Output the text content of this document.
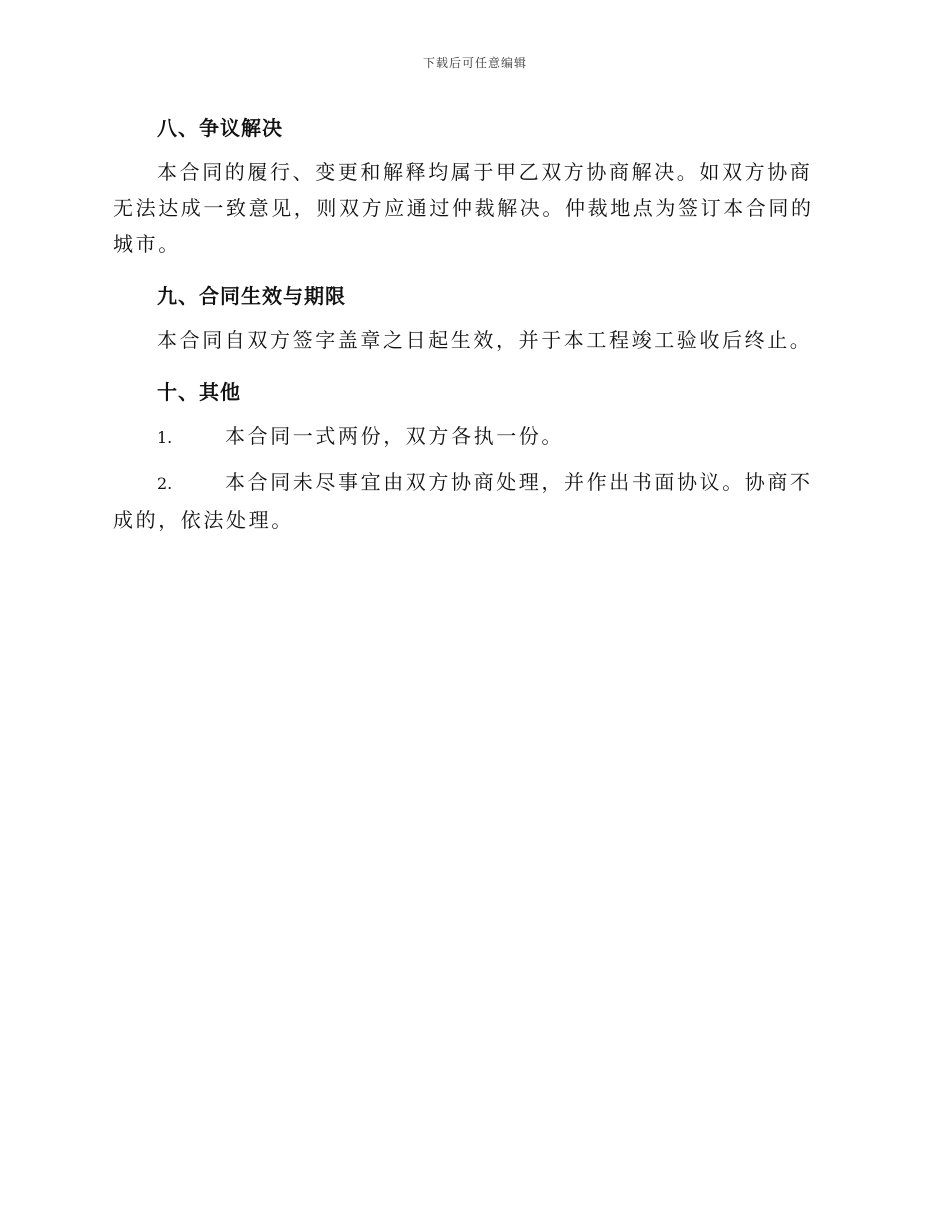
下载后可任意编辑
八、争议解决

本合同的履行、变更和解释均属于甲乙双方协商解决。如双方协商无法达成一致意见，则双方应通过仲裁解决。仲裁地点为签订本合同的城市。

九、合同生效与期限

本合同自双方签字盖章之日起生效，并于本工程竣工验收后终止。

十、其他

1.	本合同一式两份，双方各执一份。

2.	本合同未尽事宜由双方协商处理，并作出书面协议。协商不成的，依法处理。
